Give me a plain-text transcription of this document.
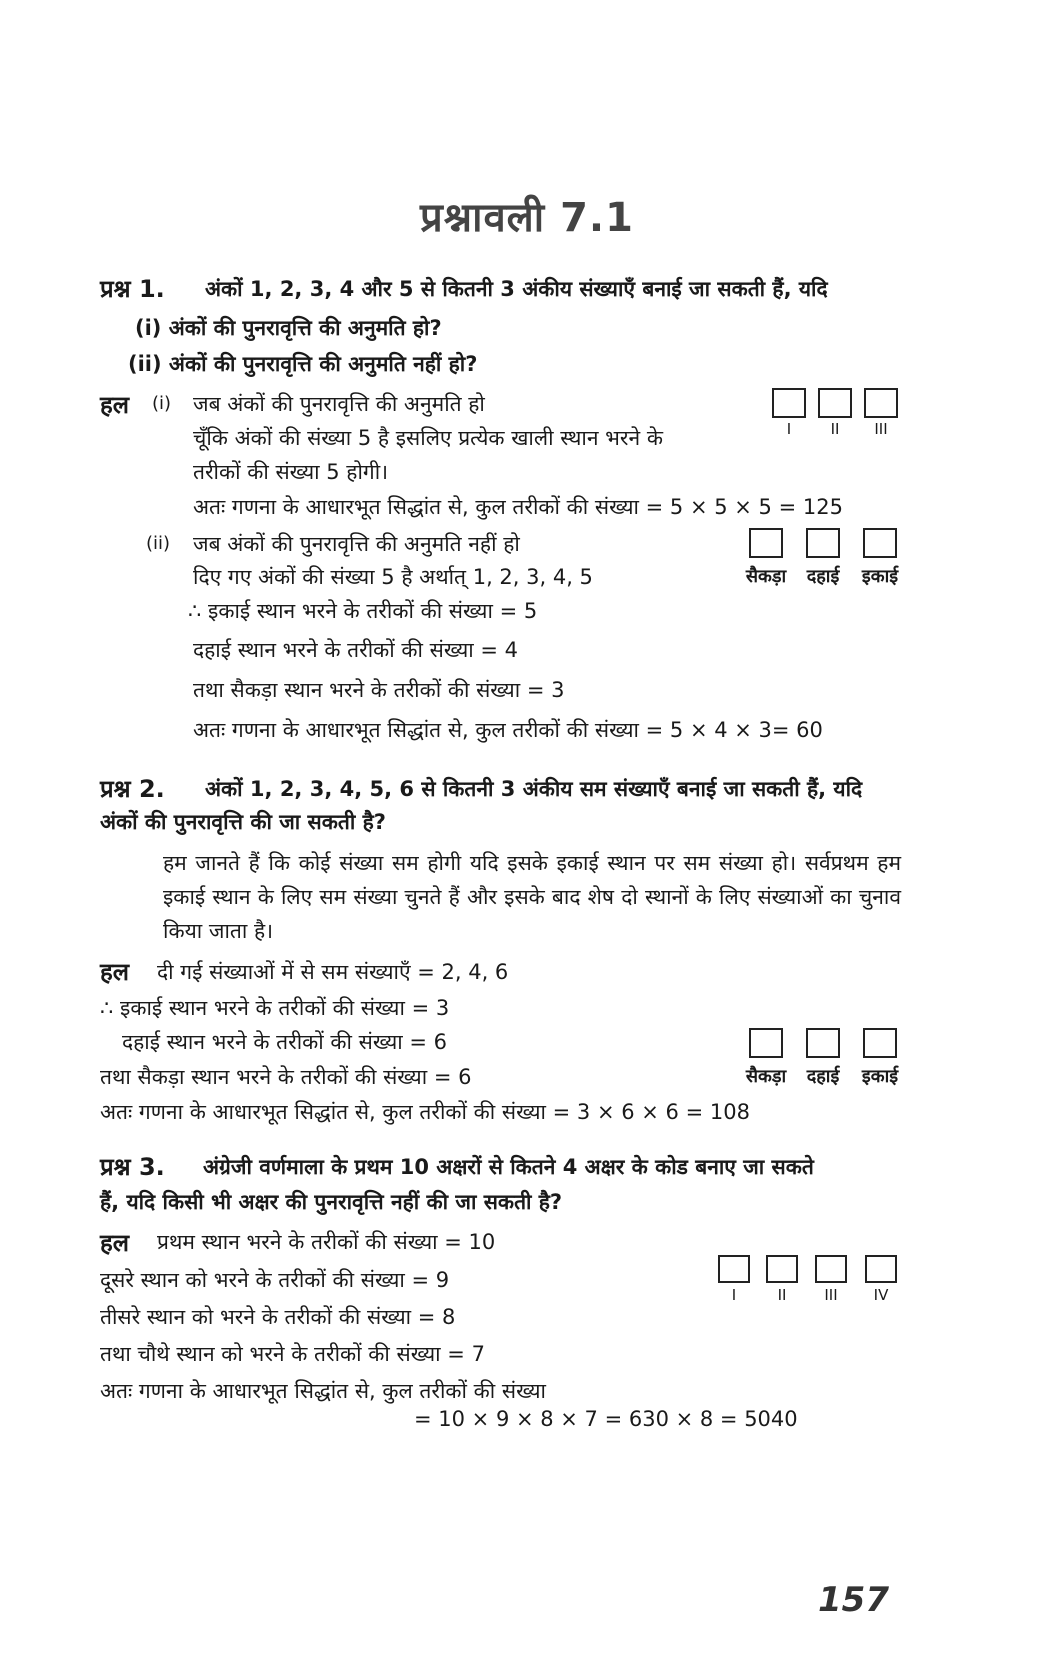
प्रश्नावली 7.1
प्रश्न 1. अंकों 1, 2, 3, 4 और 5 से कितनी 3 अंकीय संख्याएँ बनाई जा सकती हैं, यदि
(i) अंकों की पुनरावृत्ति की अनुमति हो?
(ii) अंकों की पुनरावृत्ति की अनुमति नहीं हो?
हल (i) जब अंकों की पुनरावृत्ति की अनुमति हो
चूँकि अंकों की संख्या 5 है इसलिए प्रत्येक खाली स्थान भरने के
तरीकों की संख्या 5 होगी।
अतः गणना के आधारभूत सिद्धांत से, कुल तरीकों की संख्या = 5 × 5 × 5 = 125
I	II	III
(ii) जब अंकों की पुनरावृत्ति की अनुमति नहीं हो
दिए गए अंकों की संख्या 5 है अर्थात् 1, 2, 3, 4, 5
∴ इकाई स्थान भरने के तरीकों की संख्या = 5
दहाई स्थान भरने के तरीकों की संख्या = 4
तथा सैकड़ा स्थान भरने के तरीकों की संख्या = 3
अतः गणना के आधारभूत सिद्धांत से, कुल तरीकों की संख्या = 5 × 4 × 3= 60
सैकड़ा	दहाई	इकाई
प्रश्न 2. अंकों 1, 2, 3, 4, 5, 6 से कितनी 3 अंकीय सम संख्याएँ बनाई जा सकती हैं, यदि
अंकों की पुनरावृत्ति की जा सकती है?
हम जानते हैं कि कोई संख्या सम होगी यदि इसके इकाई स्थान पर सम संख्या हो। सर्वप्रथम हम इकाई स्थान के लिए सम संख्या चुनते हैं और इसके बाद शेष दो स्थानों के लिए संख्याओं का चुनाव किया जाता है।
हल दी गई संख्याओं में से सम संख्याएँ = 2, 4, 6
∴ इकाई स्थान भरने के तरीकों की संख्या = 3
दहाई स्थान भरने के तरीकों की संख्या = 6
तथा सैकड़ा स्थान भरने के तरीकों की संख्या = 6
अतः गणना के आधारभूत सिद्धांत से, कुल तरीकों की संख्या = 3 × 6 × 6 = 108
सैकड़ा	दहाई	इकाई
प्रश्न 3. अंग्रेजी वर्णमाला के प्रथम 10 अक्षरों से कितने 4 अक्षर के कोड बनाए जा सकते
हैं, यदि किसी भी अक्षर की पुनरावृत्ति नहीं की जा सकती है?
हल प्रथम स्थान भरने के तरीकों की संख्या = 10
दूसरे स्थान को भरने के तरीकों की संख्या = 9
तीसरे स्थान को भरने के तरीकों की संख्या = 8
तथा चौथे स्थान को भरने के तरीकों की संख्या = 7
अतः गणना के आधारभूत सिद्धांत से, कुल तरीकों की संख्या
= 10 × 9 × 8 × 7 = 630 × 8 = 5040
I	II	III	IV
157
